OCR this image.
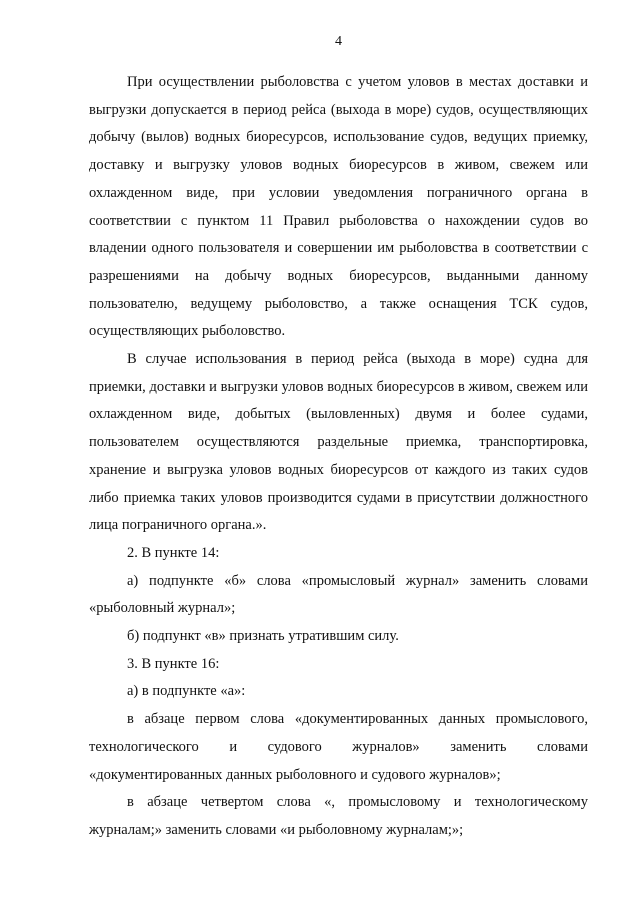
4

При осуществлении рыболовства с учетом уловов в местах доставки и выгрузки допускается в период рейса (выхода в море) судов, осуществляющих добычу (вылов) водных биоресурсов, использование судов, ведущих приемку, доставку и выгрузку уловов водных биоресурсов в живом, свежем или охлажденном виде, при условии уведомления пограничного органа в соответствии с пунктом 11 Правил рыболовства о нахождении судов во владении одного пользователя и совершении им рыболовства в соответствии с разрешениями на добычу водных биоресурсов, выданными данному пользователю, ведущему рыболовство, а также оснащения ТСК судов, осуществляющих рыболовство.

В случае использования в период рейса (выхода в море) судна для приемки, доставки и выгрузки уловов водных биоресурсов в живом, свежем или охлажденном виде, добытых (выловленных) двумя и более судами, пользователем осуществляются раздельные приемка, транспортировка, хранение и выгрузка уловов водных биоресурсов от каждого из таких судов либо приемка таких уловов производится судами в присутствии должностного лица пограничного органа.».

2. В пункте 14:

а) подпункте «б» слова «промысловый журнал» заменить словами «рыболовный журнал»;

б) подпункт «в» признать утратившим силу.

3. В пункте 16:

а) в подпункте «а»:

в абзаце первом слова «документированных данных промыслового, технологического и судового журналов» заменить словами «документированных данных рыболовного и судового журналов»;

в абзаце четвертом слова «, промысловому и технологическому журналам;» заменить словами «и рыболовному журналам;»;
